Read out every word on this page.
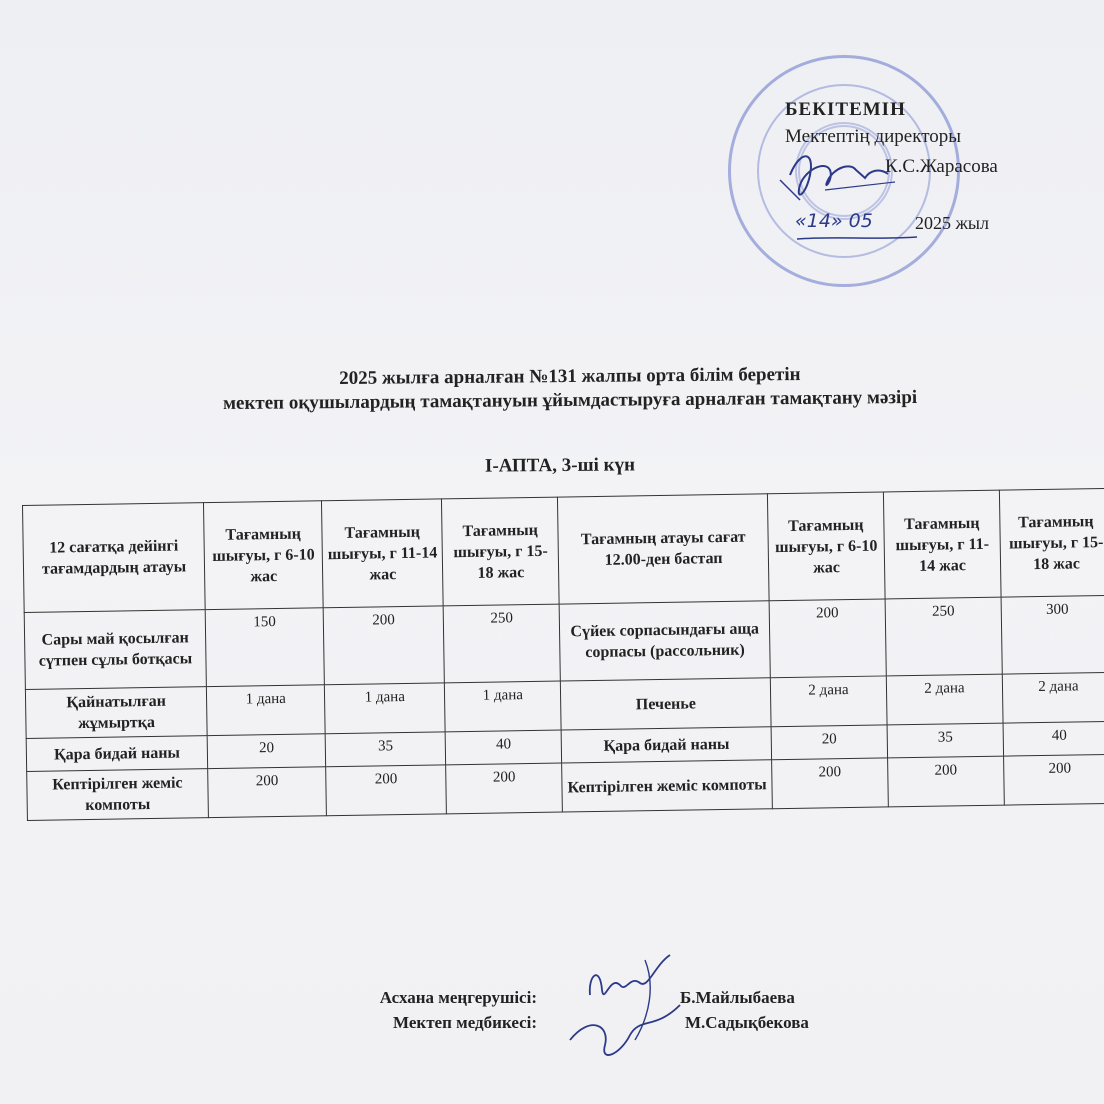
БЕКІТЕМІН
Мектептің директоры
К.С.Жарасова
2025 жыл
«14» 05
2025 жылға арналған №131 жалпы орта білім беретін
мектеп оқушылардың тамақтануын ұйымдастыруға арналған тамақтану мәзірі
I-АПТА, 3-ші күн
12 сағатқа дейінгі тағамдардың атауы	Тағамның шығуы, г 6-10 жас	Тағамның шығуы, г 11-14 жас	Тағамның шығуы, г 15-18 жас	Тағамның атауы сағат 12.00-ден бастап	Тағамның шығуы, г 6-10 жас	Тағамның шығуы, г 11-14 жас	Тағамның шығуы, г 15-18 жас
Сары май қосылған сүтпен сұлы ботқасы	150	200	250	Сүйек сорпасындағы аща сорпасы (рассольник)	200	250	300
Қайнатылған жұмыртқа	1 дана	1 дана	1 дана	Печенье	2 дана	2 дана	2 дана
Қара бидай наны	20	35	40	Қара бидай наны	20	35	40
Кептірілген жеміс компоты	200	200	200	Кептірілген жеміс компоты	200	200	200
Асхана меңгерушісі:	Б.Майлыбаева
Мектеп медбикесі:	М.Садықбекова
